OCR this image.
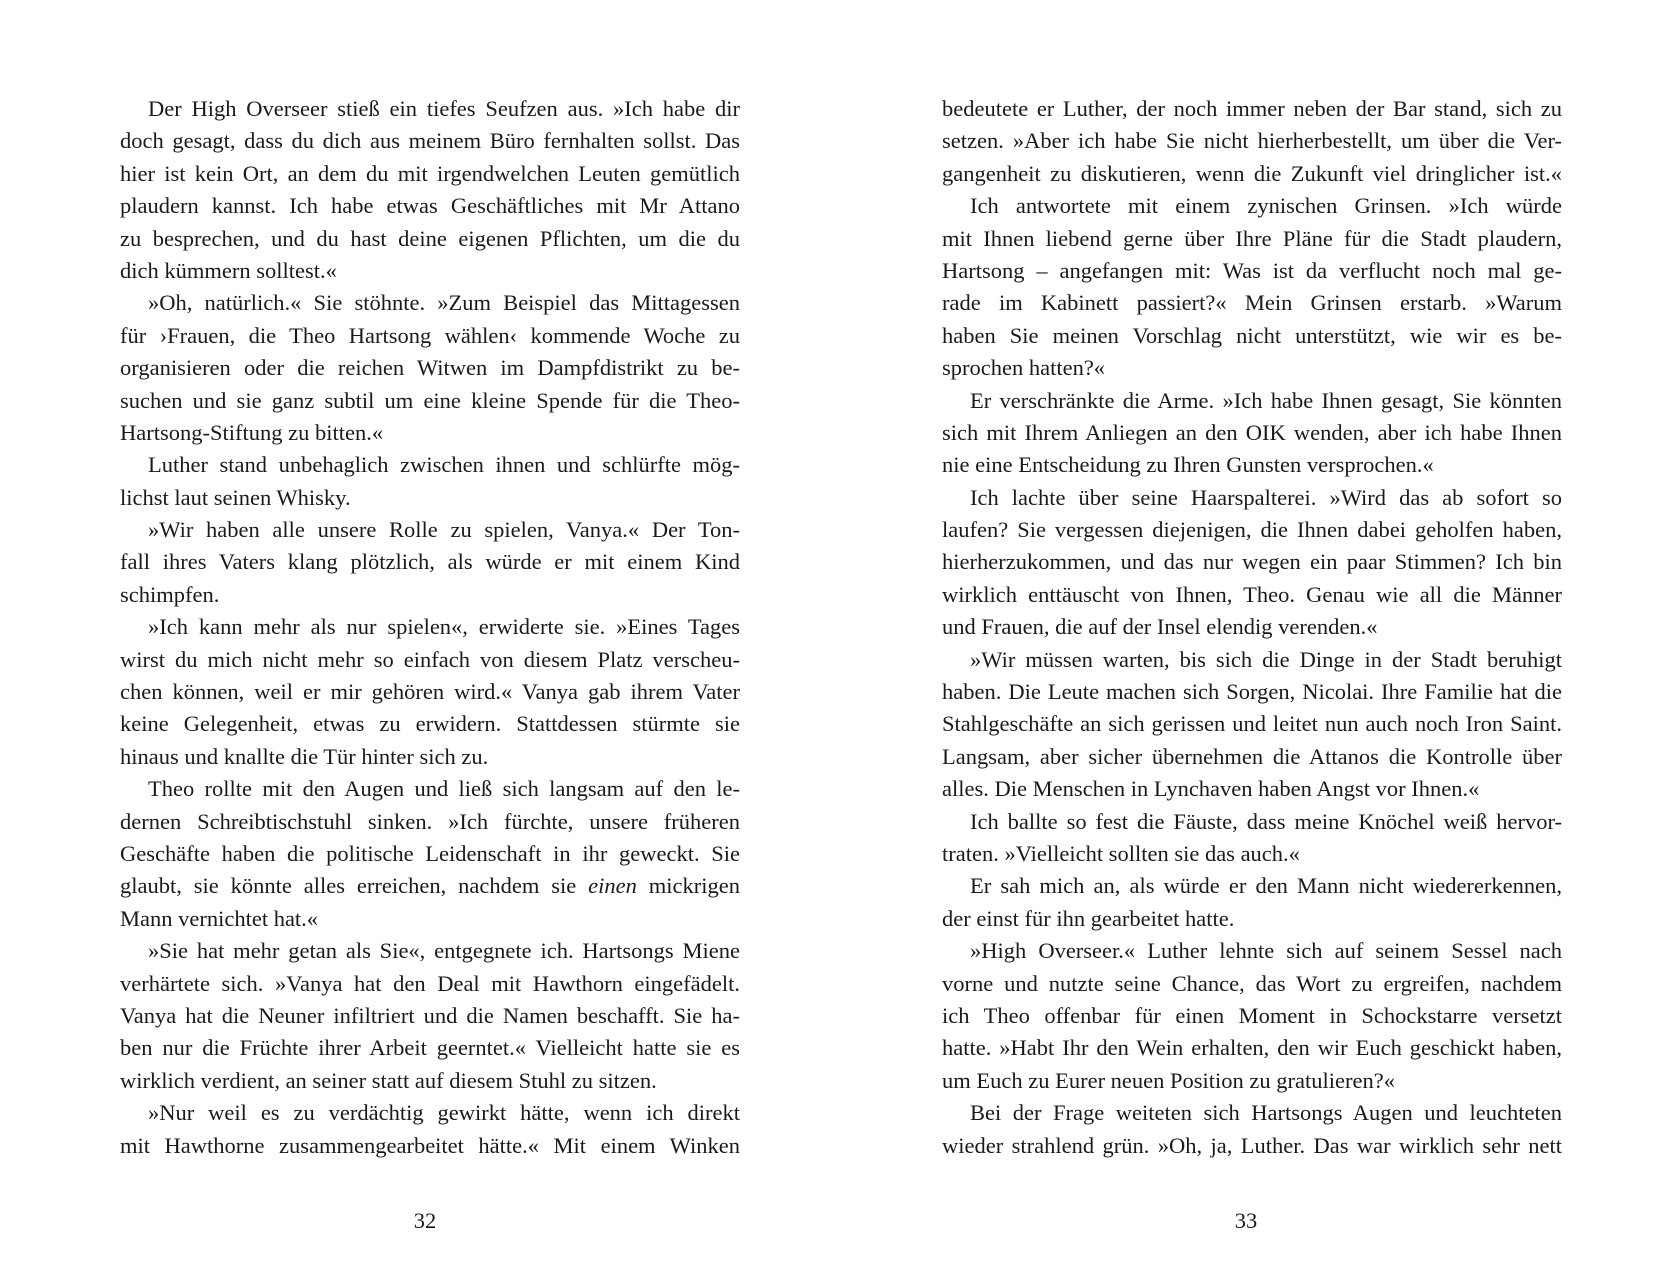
Der High Overseer stieß ein tiefes Seufzen aus. »Ich habe dir
doch gesagt, dass du dich aus meinem Büro fernhalten sollst. Das
hier ist kein Ort, an dem du mit irgendwelchen Leuten gemütlich
plaudern kannst. Ich habe etwas Geschäftliches mit Mr Attano
zu besprechen, und du hast deine eigenen Pflichten, um die du
dich kümmern solltest.«
»Oh, natürlich.« Sie stöhnte. »Zum Beispiel das Mittagessen
für ›Frauen, die Theo Hartsong wählen‹ kommende Woche zu
organisieren oder die reichen Witwen im Dampfdistrikt zu be-
suchen und sie ganz subtil um eine kleine Spende für die Theo-
Hartsong-Stiftung zu bitten.«
Luther stand unbehaglich zwischen ihnen und schlürfte mög-
lichst laut seinen Whisky.
»Wir haben alle unsere Rolle zu spielen, Vanya.« Der Ton-
fall ihres Vaters klang plötzlich, als würde er mit einem Kind
schimpfen.
»Ich kann mehr als nur spielen«, erwiderte sie. »Eines Tages
wirst du mich nicht mehr so einfach von diesem Platz verscheu-
chen können, weil er mir gehören wird.« Vanya gab ihrem Vater
keine Gelegenheit, etwas zu erwidern. Stattdessen stürmte sie
hinaus und knallte die Tür hinter sich zu.
Theo rollte mit den Augen und ließ sich langsam auf den le-
dernen Schreibtischstuhl sinken. »Ich fürchte, unsere früheren
Geschäfte haben die politische Leidenschaft in ihr geweckt. Sie
glaubt, sie könnte alles erreichen, nachdem sie einen mickrigen
Mann vernichtet hat.«
»Sie hat mehr getan als Sie«, entgegnete ich. Hartsongs Miene
verhärtete sich. »Vanya hat den Deal mit Hawthorn eingefädelt.
Vanya hat die Neuner infiltriert und die Namen beschafft. Sie ha-
ben nur die Früchte ihrer Arbeit geerntet.« Vielleicht hatte sie es
wirklich verdient, an seiner statt auf diesem Stuhl zu sitzen.
»Nur weil es zu verdächtig gewirkt hätte, wenn ich direkt
mit Hawthorne zusammengearbeitet hätte.« Mit einem Winken
bedeutete er Luther, der noch immer neben der Bar stand, sich zu
setzen. »Aber ich habe Sie nicht hierherbestellt, um über die Ver-
gangenheit zu diskutieren, wenn die Zukunft viel dringlicher ist.«
Ich antwortete mit einem zynischen Grinsen. »Ich würde
mit Ihnen liebend gerne über Ihre Pläne für die Stadt plaudern,
Hartsong – angefangen mit: Was ist da verflucht noch mal ge-
rade im Kabinett passiert?« Mein Grinsen erstarb. »Warum
haben Sie meinen Vorschlag nicht unterstützt, wie wir es be-
sprochen hatten?«
Er verschränkte die Arme. »Ich habe Ihnen gesagt, Sie könnten
sich mit Ihrem Anliegen an den OIK wenden, aber ich habe Ihnen
nie eine Entscheidung zu Ihren Gunsten versprochen.«
Ich lachte über seine Haarspalterei. »Wird das ab sofort so
laufen? Sie vergessen diejenigen, die Ihnen dabei geholfen haben,
hierherzukommen, und das nur wegen ein paar Stimmen? Ich bin
wirklich enttäuscht von Ihnen, Theo. Genau wie all die Männer
und Frauen, die auf der Insel elendig verenden.«
»Wir müssen warten, bis sich die Dinge in der Stadt beruhigt
haben. Die Leute machen sich Sorgen, Nicolai. Ihre Familie hat die
Stahlgeschäfte an sich gerissen und leitet nun auch noch Iron Saint.
Langsam, aber sicher übernehmen die Attanos die Kontrolle über
alles. Die Menschen in Lynchaven haben Angst vor Ihnen.«
Ich ballte so fest die Fäuste, dass meine Knöchel weiß hervor-
traten. »Vielleicht sollten sie das auch.«
Er sah mich an, als würde er den Mann nicht wiedererkennen,
der einst für ihn gearbeitet hatte.
»High Overseer.« Luther lehnte sich auf seinem Sessel nach
vorne und nutzte seine Chance, das Wort zu ergreifen, nachdem
ich Theo offenbar für einen Moment in Schockstarre versetzt
hatte. »Habt Ihr den Wein erhalten, den wir Euch geschickt haben,
um Euch zu Eurer neuen Position zu gratulieren?«
Bei der Frage weiteten sich Hartsongs Augen und leuchteten
wieder strahlend grün. »Oh, ja, Luther. Das war wirklich sehr nett
32	33
